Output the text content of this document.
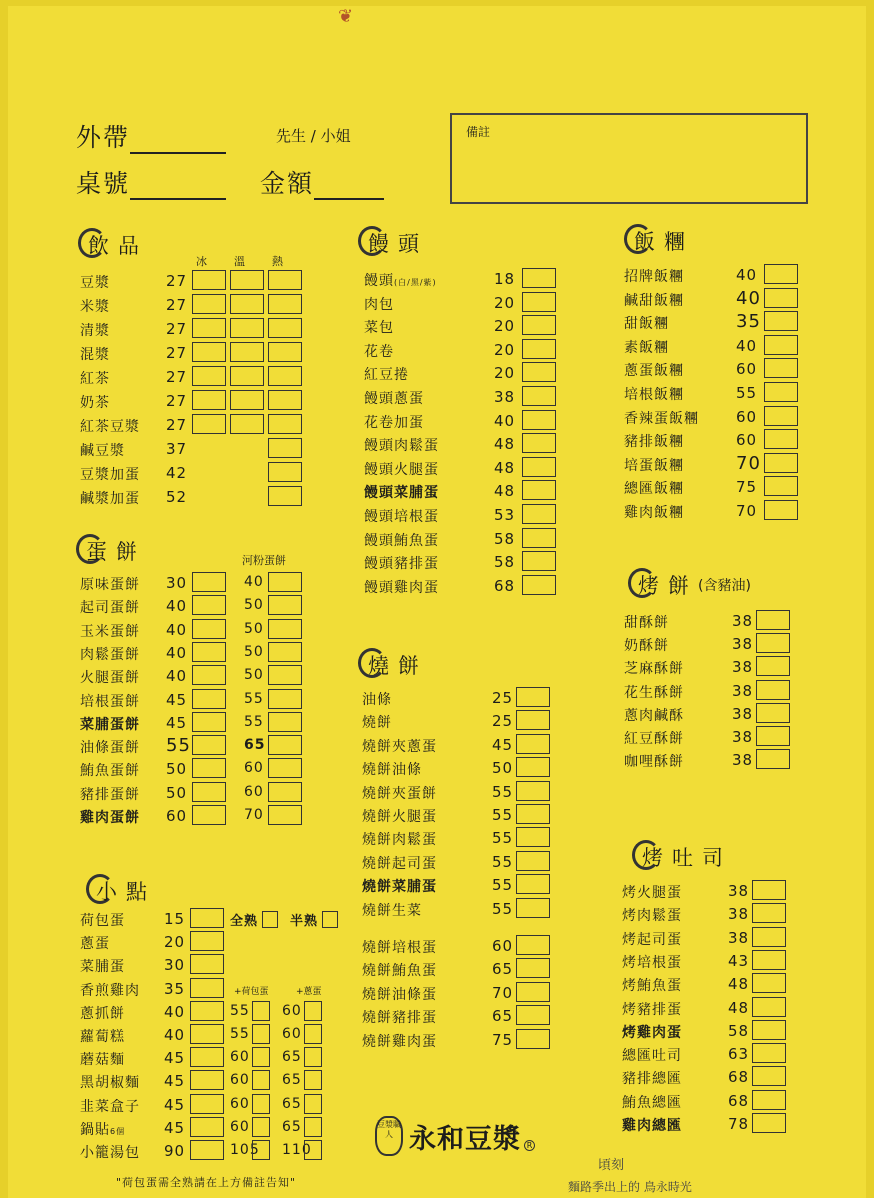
❦
外帶	先生 / 小姐
桌號	金額
備註
飲品
冰 溫 熱
蛋餅	河粉蛋餅
小點
+荷包蛋	+蔥蛋
饅頭
燒餅
飯糰
烤餅 (含豬油)
烤吐司
豆漿職人 永和豆漿 R
"荷包蛋需全熟請在上方備註告知"
頃刻
麵路季出上的 鳥永時光
豆漿	27
米漿	27
清漿	27
混漿	27
紅茶	27
奶茶	27
紅茶豆漿 27
鹹豆漿	37
豆漿加蛋 42
鹹漿加蛋 52
原味蛋餅 30	40
起司蛋餅 40	50
玉米蛋餅 40	50
肉鬆蛋餅 40	50
火腿蛋餅 40	50
培根蛋餅 45	55
菜脯蛋餅 45	55
油條蛋餅 55	65
鮪魚蛋餅 50	60
豬排蛋餅 50	60
雞肉蛋餅 60	70
荷包蛋	15
蔥蛋	20
菜脯蛋	30
香煎雞肉 35
蔥抓餅	40	55 60
蘿蔔糕	40	55 60
蘑菇麵	45	60 65
黑胡椒麵 45	60 65
韭菜盒子 45	60 65
鍋貼6個	45	60 65
小籠湯包 90	105 110
全熟 半熟
饅頭(白/黑/紫)	18
肉包	20
菜包	20
花卷	20
紅豆捲	20
饅頭蔥蛋	38
花卷加蛋	40
饅頭肉鬆蛋	48
饅頭火腿蛋	48
饅頭菜脯蛋	48
饅頭培根蛋	53
饅頭鮪魚蛋	58
饅頭豬排蛋	58
饅頭雞肉蛋	68
油條	25
燒餅	25
燒餅夾蔥蛋	45
燒餅油條	50
燒餅夾蛋餅	55
燒餅火腿蛋	55
燒餅肉鬆蛋	55
燒餅起司蛋	55
燒餅菜脯蛋	55
燒餅生菜	55
燒餅培根蛋	60
燒餅鮪魚蛋	65
燒餅油條蛋	70
燒餅豬排蛋	65
燒餅雞肉蛋	75
招牌飯糰	40
鹹甜飯糰	40
甜飯糰	35
素飯糰	40
蔥蛋飯糰	60
培根飯糰	55
香辣蛋飯糰 60
豬排飯糰	60
培蛋飯糰	70
總匯飯糰	75
雞肉飯糰	70
甜酥餅	38
奶酥餅	38
芝麻酥餅	38
花生酥餅	38
蔥肉鹹酥	38
紅豆酥餅	38
咖哩酥餅	38
烤火腿蛋	38
烤肉鬆蛋	38
烤起司蛋	38
烤培根蛋	43
烤鮪魚蛋	48
烤豬排蛋	48
烤雞肉蛋	58
總匯吐司	63
豬排總匯	68
鮪魚總匯	68
雞肉總匯	78
